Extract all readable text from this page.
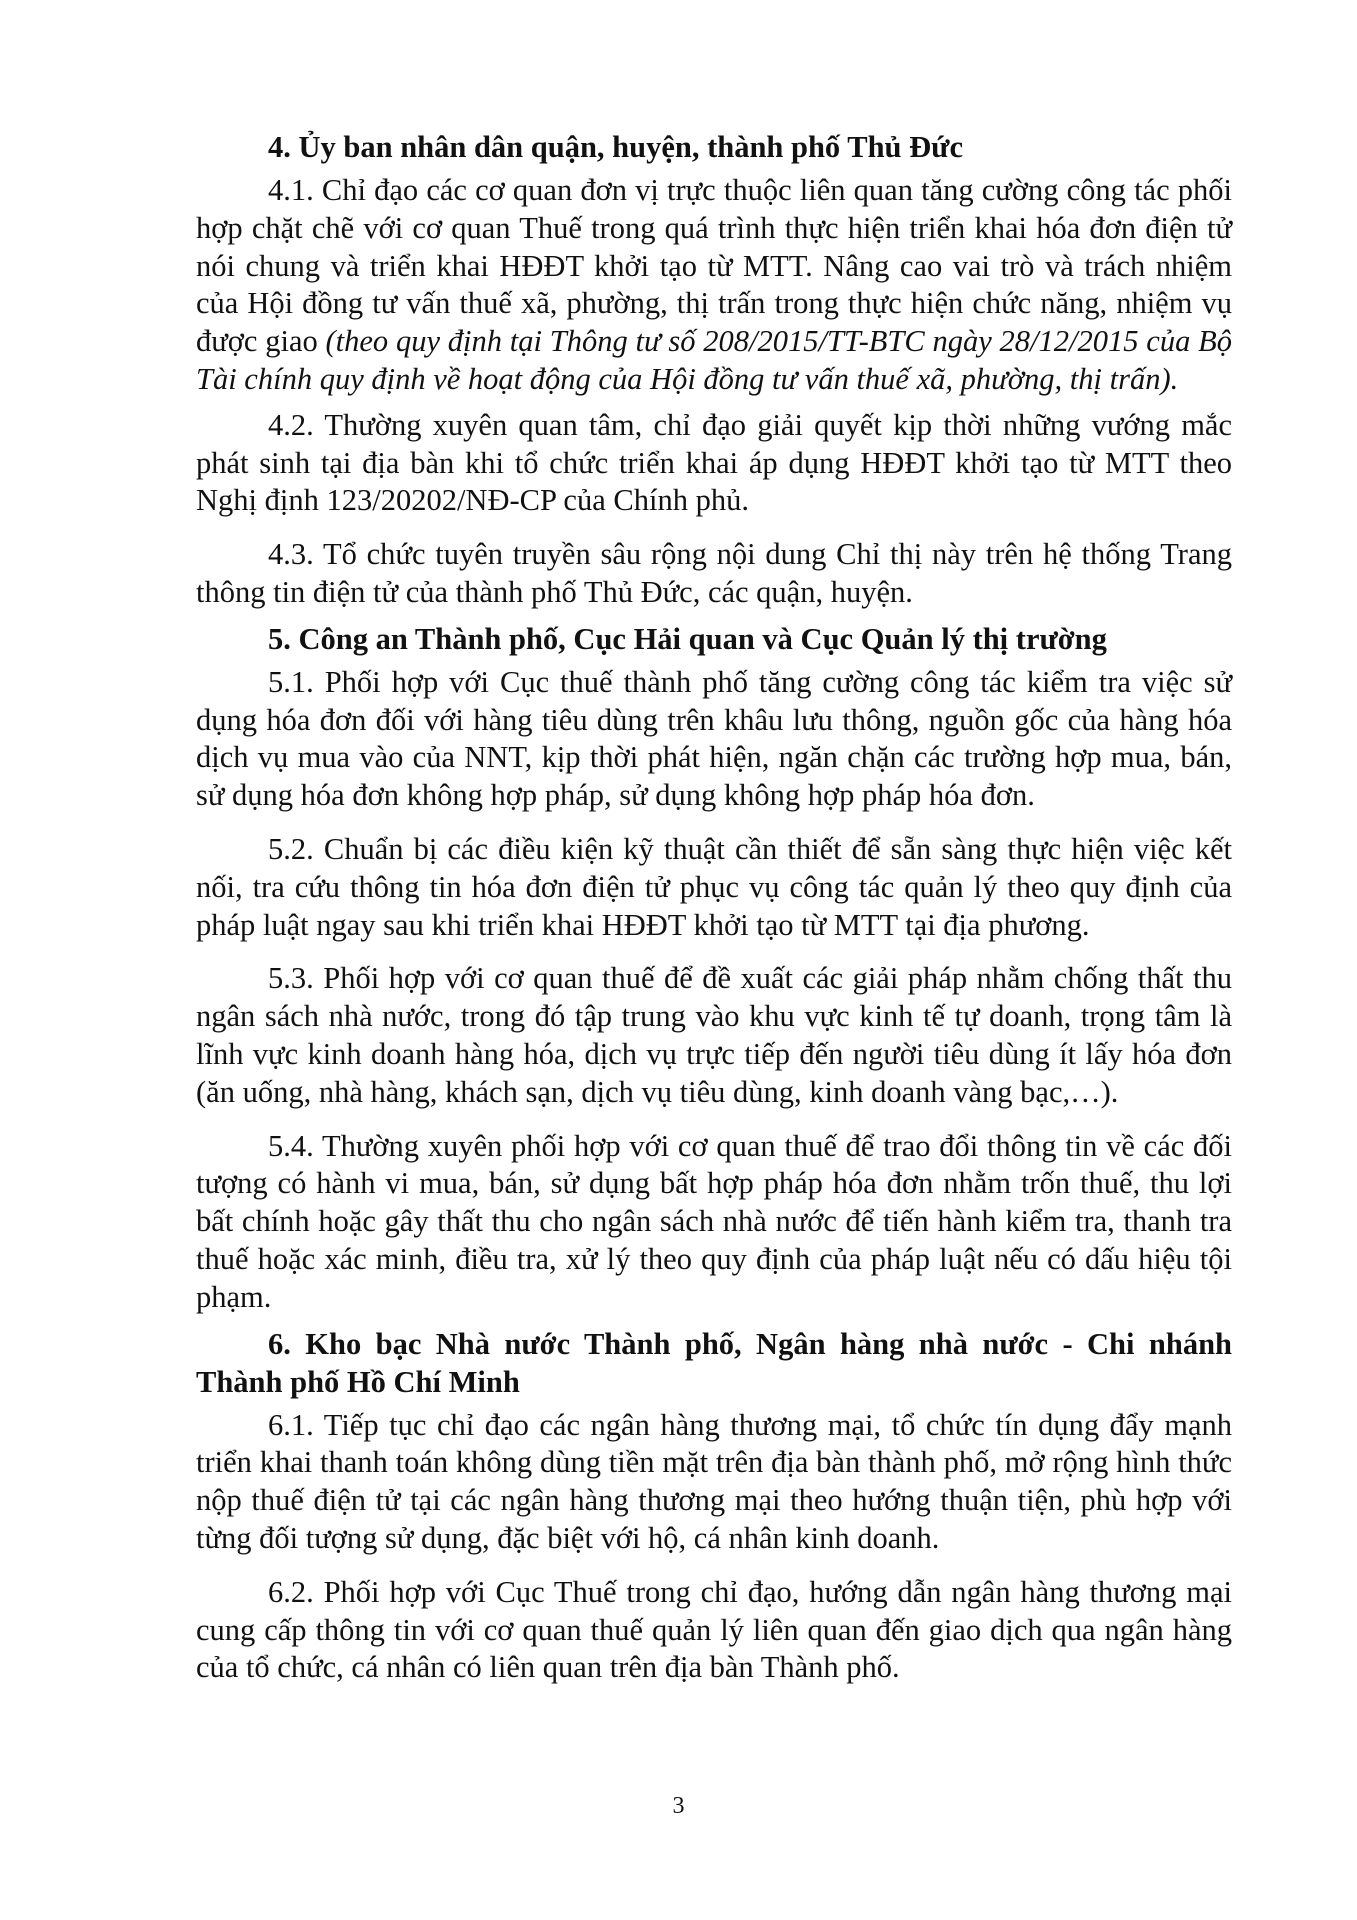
4. Ủy ban nhân dân quận, huyện, thành phố Thủ Đức

4.1. Chỉ đạo các cơ quan đơn vị trực thuộc liên quan tăng cường công tác phối hợp chặt chẽ với cơ quan Thuế trong quá trình thực hiện triển khai hóa đơn điện tử nói chung và triển khai HĐĐT khởi tạo từ MTT. Nâng cao vai trò và trách nhiệm của Hội đồng tư vấn thuế xã, phường, thị trấn trong thực hiện chức năng, nhiệm vụ được giao (theo quy định tại Thông tư số 208/2015/TT-BTC ngày 28/12/2015 của Bộ Tài chính quy định về hoạt động của Hội đồng tư vấn thuế xã, phường, thị trấn).

4.2. Thường xuyên quan tâm, chỉ đạo giải quyết kịp thời những vướng mắc phát sinh tại địa bàn khi tổ chức triển khai áp dụng HĐĐT khởi tạo từ MTT theo Nghị định 123/20202/NĐ-CP của Chính phủ.

4.3. Tổ chức tuyên truyền sâu rộng nội dung Chỉ thị này trên hệ thống Trang thông tin điện tử của thành phố Thủ Đức, các quận, huyện.

5. Công an Thành phố, Cục Hải quan và Cục Quản lý thị trường

5.1. Phối hợp với Cục thuế thành phố tăng cường công tác kiểm tra việc sử dụng hóa đơn đối với hàng tiêu dùng trên khâu lưu thông, nguồn gốc của hàng hóa dịch vụ mua vào của NNT, kịp thời phát hiện, ngăn chặn các trường hợp mua, bán, sử dụng hóa đơn không hợp pháp, sử dụng không hợp pháp hóa đơn.

5.2. Chuẩn bị các điều kiện kỹ thuật cần thiết để sẵn sàng thực hiện việc kết nối, tra cứu thông tin hóa đơn điện tử phục vụ công tác quản lý theo quy định của pháp luật ngay sau khi triển khai HĐĐT khởi tạo từ MTT tại địa phương.

5.3. Phối hợp với cơ quan thuế để đề xuất các giải pháp nhằm chống thất thu ngân sách nhà nước, trong đó tập trung vào khu vực kinh tế tự doanh, trọng tâm là lĩnh vực kinh doanh hàng hóa, dịch vụ trực tiếp đến người tiêu dùng ít lấy hóa đơn (ăn uống, nhà hàng, khách sạn, dịch vụ tiêu dùng, kinh doanh vàng bạc,…).

5.4. Thường xuyên phối hợp với cơ quan thuế để trao đổi thông tin về các đối tượng có hành vi mua, bán, sử dụng bất hợp pháp hóa đơn nhằm trốn thuế, thu lợi bất chính hoặc gây thất thu cho ngân sách nhà nước để tiến hành kiểm tra, thanh tra thuế hoặc xác minh, điều tra, xử lý theo quy định của pháp luật nếu có dấu hiệu tội phạm.

6. Kho bạc Nhà nước Thành phố, Ngân hàng nhà nước - Chi nhánh Thành phố Hồ Chí Minh

6.1. Tiếp tục chỉ đạo các ngân hàng thương mại, tổ chức tín dụng đẩy mạnh triển khai thanh toán không dùng tiền mặt trên địa bàn thành phố, mở rộng hình thức nộp thuế điện tử tại các ngân hàng thương mại theo hướng thuận tiện, phù hợp với từng đối tượng sử dụng, đặc biệt với hộ, cá nhân kinh doanh.

6.2. Phối hợp với Cục Thuế trong chỉ đạo, hướng dẫn ngân hàng thương mại cung cấp thông tin với cơ quan thuế quản lý liên quan đến giao dịch qua ngân hàng của tổ chức, cá nhân có liên quan trên địa bàn Thành phố.

3
